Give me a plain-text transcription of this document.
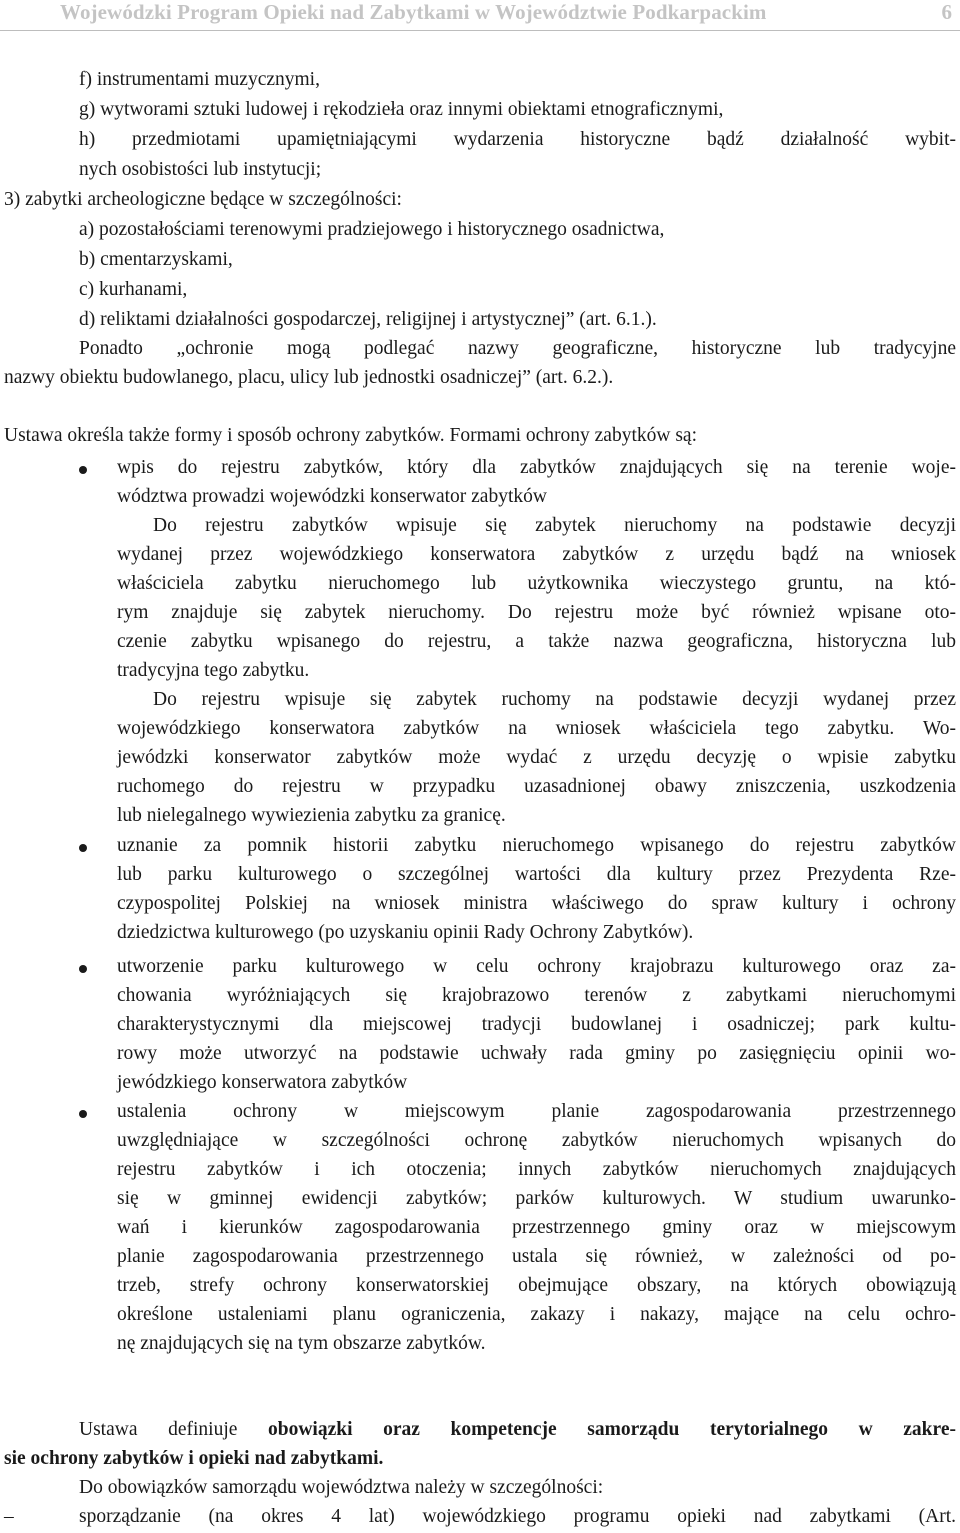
Wojewódzki Program Opieki nad Zabytkami w Województwie Podkarpackim	6
f) instrumentami muzycznymi,
g) wytworami sztuki ludowej i rękodzieła oraz innymi obiektami etnograficznymi,
h) przedmiotami upamiętniającymi wydarzenia historyczne bądź działalność wybit-
nych osobistości lub instytucji;
3) zabytki archeologiczne będące w szczególności:
a) pozostałościami terenowymi pradziejowego i historycznego osadnictwa,
b) cmentarzyskami,
c) kurhanami,
d) reliktami działalności gospodarczej, religijnej i artystycznej” (art. 6.1.).
Ponadto „ochronie mogą podlegać nazwy geograficzne, historyczne lub tradycyjne
nazwy obiektu budowlanego, placu, ulicy lub jednostki osadniczej” (art. 6.2.).
Ustawa określa także formy i sposób ochrony zabytków. Formami ochrony zabytków są:
wpis do rejestru zabytków, który dla zabytków znajdujących się na terenie woje-
wództwa prowadzi wojewódzki konserwator zabytków
Do rejestru zabytków wpisuje się zabytek nieruchomy na podstawie decyzji
wydanej przez wojewódzkiego konserwatora zabytków z urzędu bądź na wniosek
właściciela zabytku nieruchomego lub użytkownika wieczystego gruntu, na któ-
rym znajduje się zabytek nieruchomy. Do rejestru może być również wpisane oto-
czenie zabytku wpisanego do rejestru, a także nazwa geograficzna, historyczna lub
tradycyjna tego zabytku.
Do rejestru wpisuje się zabytek ruchomy na podstawie decyzji wydanej przez
wojewódzkiego konserwatora zabytków na wniosek właściciela tego zabytku. Wo-
jewódzki konserwator zabytków może wydać z urzędu decyzję o wpisie zabytku
ruchomego do rejestru w przypadku uzasadnionej obawy zniszczenia, uszkodzenia
lub nielegalnego wywiezienia zabytku za granicę.
uznanie za pomnik historii zabytku nieruchomego wpisanego do rejestru zabytków
lub parku kulturowego o szczególnej wartości dla kultury przez Prezydenta Rze-
czypospolitej Polskiej na wniosek ministra właściwego do spraw kultury i ochrony
dziedzictwa kulturowego (po uzyskaniu opinii Rady Ochrony Zabytków).
utworzenie parku kulturowego w celu ochrony krajobrazu kulturowego oraz za-
chowania wyróżniających się krajobrazowo terenów z zabytkami nieruchomymi
charakterystycznymi dla miejscowej tradycji budowlanej i osadniczej; park kultu-
rowy może utworzyć na podstawie uchwały rada gminy po zasięgnięciu opinii wo-
jewódzkiego konserwatora zabytków
ustalenia ochrony w miejscowym planie zagospodarowania przestrzennego
uwzględniające w szczególności ochronę zabytków nieruchomych wpisanych do
rejestru zabytków i ich otoczenia; innych zabytków nieruchomych znajdujących
się w gminnej ewidencji zabytków; parków kulturowych. W studium uwarunko-
wań i kierunków zagospodarowania przestrzennego gminy oraz w miejscowym
planie zagospodarowania przestrzennego ustala się również, w zależności od po-
trzeb, strefy ochrony konserwatorskiej obejmujące obszary, na których obowiązują
określone ustaleniami planu ograniczenia, zakazy i nakazy, mające na celu ochro-
nę znajdujących się na tym obszarze zabytków.
Ustawa definiuje obowiązki oraz kompetencje samorządu terytorialnego w zakre-
sie ochrony zabytków i opieki nad zabytkami.
Do obowiązków samorządu województwa należy w szczególności:
–	sporządzanie (na okres 4 lat) wojewódzkiego programu opieki nad zabytkami (Art.
